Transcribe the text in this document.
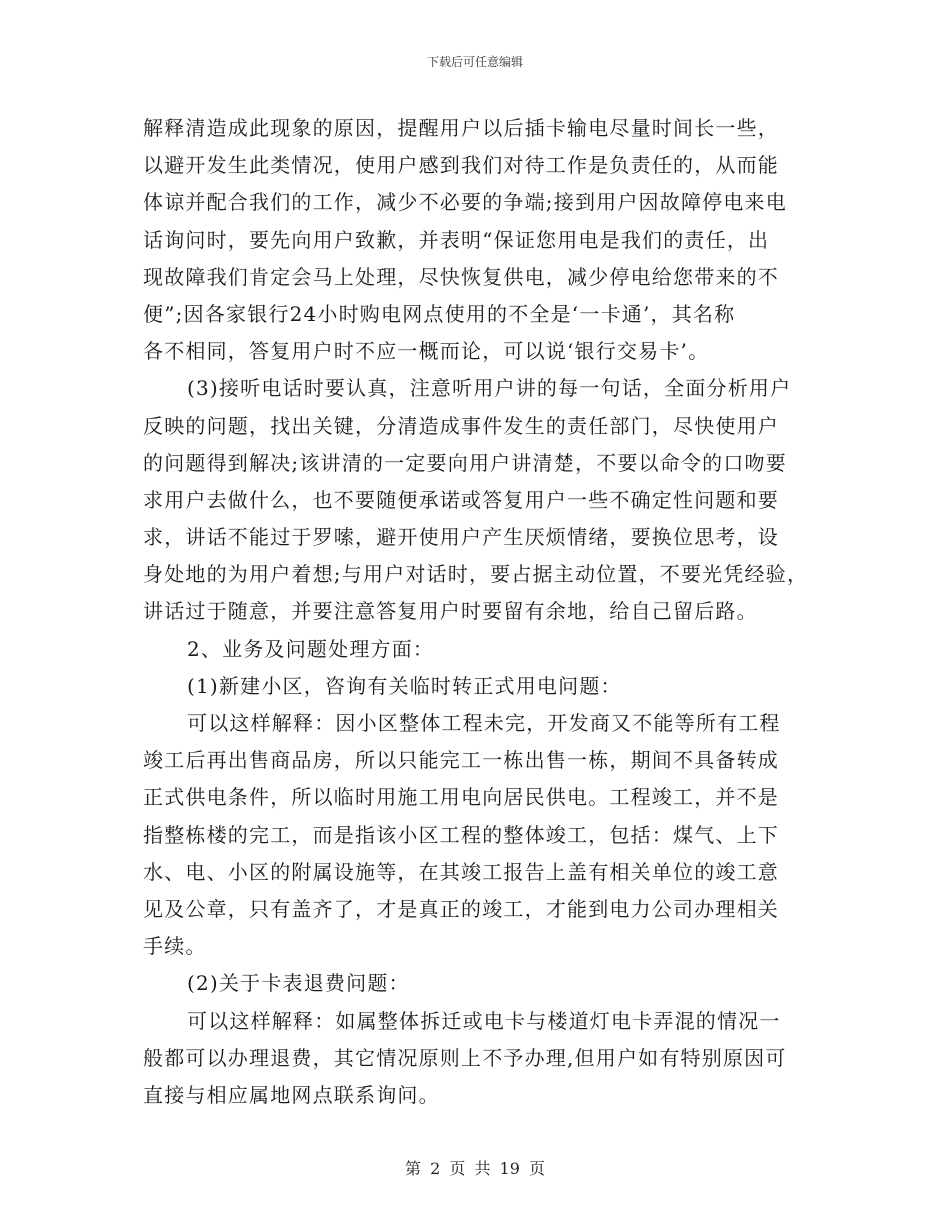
下载后可任意编辑
解释清造成此现象的原因，提醒用户以后插卡输电尽量时间长一些，
以避开发生此类情况，使用户感到我们对待工作是负责任的，从而能
体谅并配合我们的工作，减少不必要的争端;接到用户因故障停电来电
话询问时，要先向用户致歉，并表明“保证您用电是我们的责任，出
现故障我们肯定会马上处理，尽快恢复供电，减少停电给您带来的不
便”;因各家银行24小时购电网点使用的不全是‘一卡通’，其名称
各不相同，答复用户时不应一概而论，可以说‘银行交易卡’。
(3)接听电话时要认真，注意听用户讲的每一句话，全面分析用户
反映的问题，找出关键，分清造成事件发生的责任部门，尽快使用户
的问题得到解决;该讲清的一定要向用户讲清楚，不要以命令的口吻要
求用户去做什么，也不要随便承诺或答复用户一些不确定性问题和要
求，讲话不能过于罗嗦，避开使用户产生厌烦情绪，要换位思考，设
身处地的为用户着想;与用户对话时，要占据主动位置，不要光凭经验，
讲话过于随意，并要注意答复用户时要留有余地，给自己留后路。
2、业务及问题处理方面：
(1)新建小区，咨询有关临时转正式用电问题：
可以这样解释：因小区整体工程未完，开发商又不能等所有工程
竣工后再出售商品房，所以只能完工一栋出售一栋，期间不具备转成
正式供电条件，所以临时用施工用电向居民供电。工程竣工，并不是
指整栋楼的完工，而是指该小区工程的整体竣工，包括：煤气、上下
水、电、小区的附属设施等，在其竣工报告上盖有相关单位的竣工意
见及公章，只有盖齐了，才是真正的竣工，才能到电力公司办理相关
手续。
(2)关于卡表退费问题：
可以这样解释：如属整体拆迁或电卡与楼道灯电卡弄混的情况一
般都可以办理退费，其它情况原则上不予办理,但用户如有特别原因可
直接与相应属地网点联系询问。
第 2 页 共 19 页
